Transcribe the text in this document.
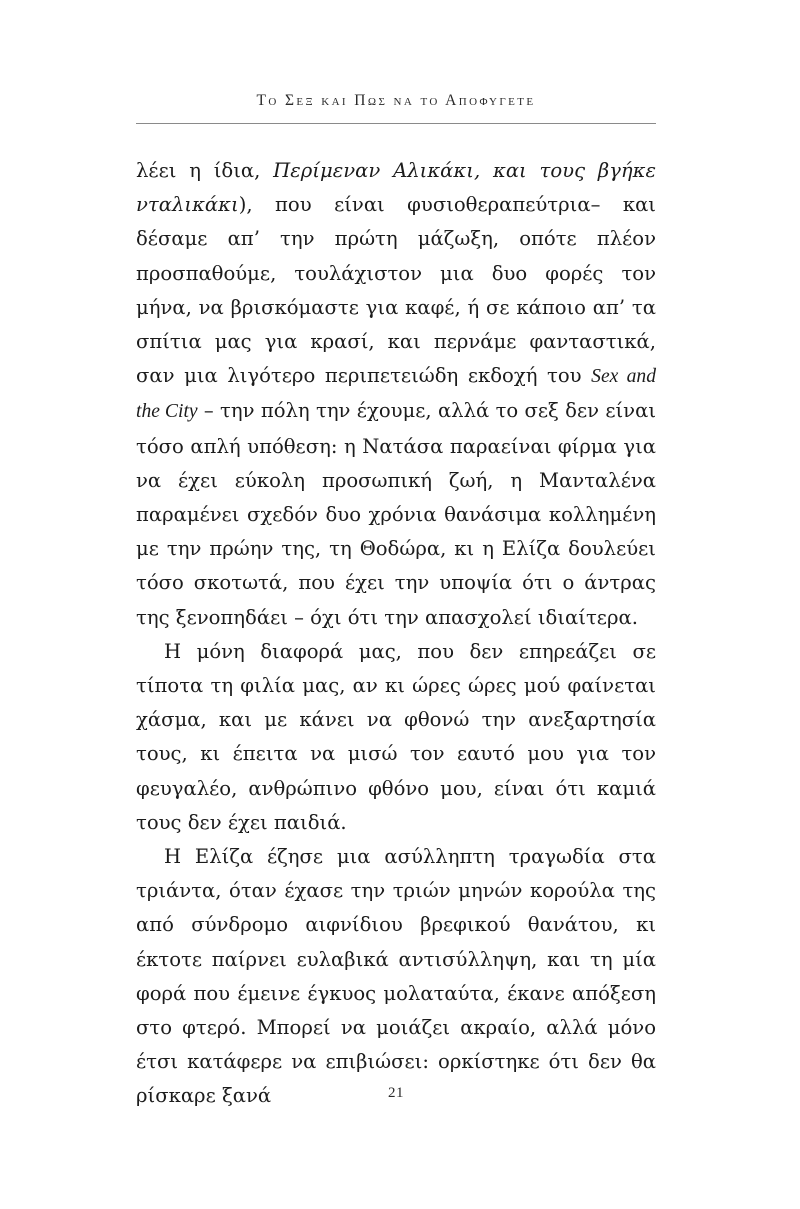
Το Σεξ και Πως να το Αποφυγετε

λέει η ίδια, Περίμεναν Αλικάκι, και τους βγήκε νταλικάκι), που είναι φυσιοθεραπεύτρια– και δέσαμε απ’ την πρώτη μάζωξη, οπότε πλέον προσπαθούμε, τουλάχιστον μια δυο φορές τον μήνα, να βρισκόμαστε για καφέ, ή σε κάποιο απ’ τα σπίτια μας για κρασί, και περνάμε φανταστικά, σαν μια λιγότερο περιπετειώδη εκδοχή του Sex and the City – την πόλη την έχουμε, αλλά το σεξ δεν είναι τόσο απλή υπόθεση: η Νατάσα παραείναι φίρμα για να έχει εύκολη προσωπική ζωή, η Μανταλένα παραμένει σχεδόν δυο χρόνια θανάσιμα κολλημένη με την πρώην της, τη Θοδώρα, κι η Ελίζα δουλεύει τόσο σκοτωτά, που έχει την υποψία ότι ο άντρας της ξενοπηδάει – όχι ότι την απασχολεί ιδιαίτερα.

Η μόνη διαφορά μας, που δεν επηρεάζει σε τίποτα τη φιλία μας, αν κι ώρες ώρες μού φαίνεται χάσμα, και με κάνει να φθονώ την ανεξαρτησία τους, κι έπειτα να μισώ τον εαυτό μου για τον φευγαλέο, ανθρώπινο φθόνο μου, είναι ότι καμιά τους δεν έχει παιδιά.

Η Ελίζα έζησε μια ασύλληπτη τραγωδία στα τριάντα, όταν έχασε την τριών μηνών κορούλα της από σύνδρομο αιφνίδιου βρεφικού θανάτου, κι έκτοτε παίρνει ευλαβικά αντισύλληψη, και τη μία φορά που έμεινε έγκυος μολαταύτα, έκανε απόξεση στο φτερό. Μπορεί να μοιάζει ακραίο, αλλά μόνο έτσι κατάφερε να επιβιώσει: ορκίστηκε ότι δεν θα ρίσκαρε ξανά	21
